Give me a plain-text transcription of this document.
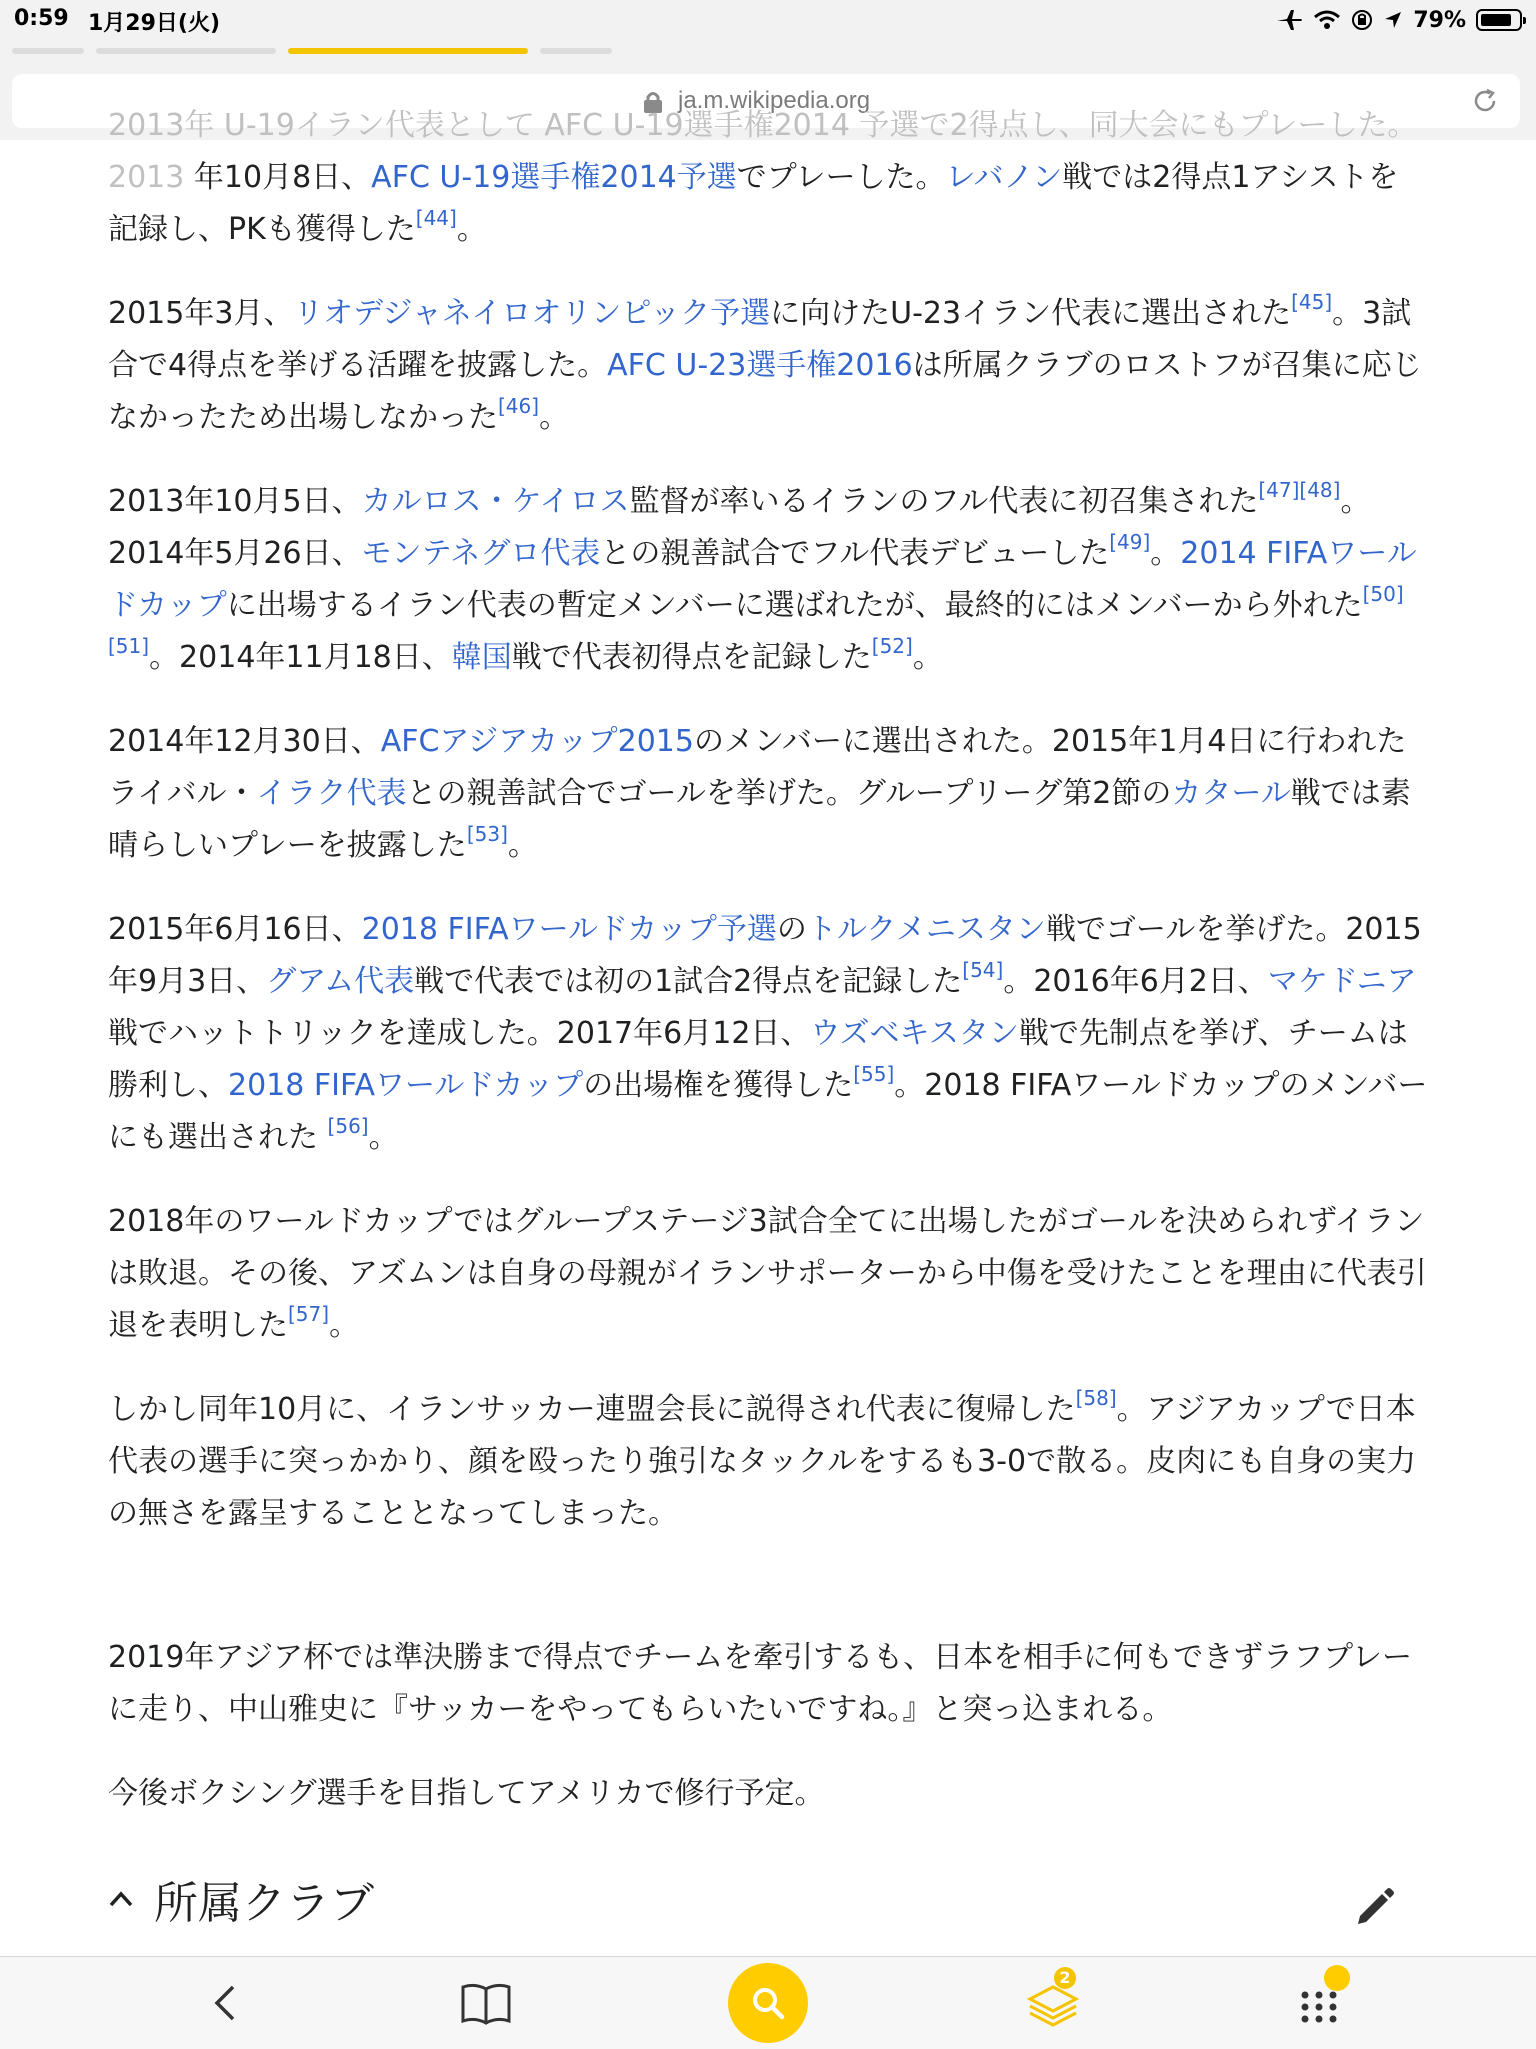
0:59 1月29日(火)	79%
ja.m.wikipedia.org

2013年 U-19イラン代表として AFC U-19選手権2014 予選で2得点し、同大会にもプレーした。2013 年10月8日、AFC U-19選手権2014予選でプレーした。レバノン戦では2得点1アシストを記録し、PKも獲得した[44]。

2015年3月、リオデジャネイロオリンピック予選に向けたU-23イラン代表に選出された[45]。3試合で4得点を挙げる活躍を披露した。AFC U-23選手権2016は所属クラブのロストフが召集に応じなかったため出場しなかった[46]。

2013年10月5日、カルロス・ケイロス監督が率いるイランのフル代表に初召集された[47][48]。2014年5月26日、モンテネグロ代表との親善試合でフル代表デビューした[49]。2014 FIFAワールドカップに出場するイラン代表の暫定メンバーに選ばれたが、最終的にはメンバーから外れた[50][51]。2014年11月18日、韓国戦で代表初得点を記録した[52]。

2014年12月30日、AFCアジアカップ2015のメンバーに選出された。2015年1月4日に行われたライバル・イラク代表との親善試合でゴールを挙げた。グループリーグ第2節のカタール戦では素晴らしいプレーを披露した[53]。

2015年6月16日、2018 FIFAワールドカップ予選のトルクメニスタン戦でゴールを挙げた。2015年9月3日、グアム代表戦で代表では初の1試合2得点を記録した[54]。2016年6月2日、マケドニア戦でハットトリックを達成した。2017年6月12日、ウズベキスタン戦で先制点を挙げ、チームは勝利し、2018 FIFAワールドカップの出場権を獲得した[55]。2018 FIFAワールドカップのメンバーにも選出された [56]。

2018年のワールドカップではグループステージ3試合全てに出場したがゴールを決められずイランは敗退。その後、アズムンは自身の母親がイランサポーターから中傷を受けたことを理由に代表引退を表明した[57]。

しかし同年10月に、イランサッカー連盟会長に説得され代表に復帰した[58]。アジアカップで日本代表の選手に突っかかり、顔を殴ったり強引なタックルをするも3-0で散る。皮肉にも自身の実力の無さを露呈することとなってしまった。

2019年アジア杯では準決勝まで得点でチームを牽引するも、日本を相手に何もできずラフプレーに走り、中山雅史に『サッカーをやってもらいたいですね。』と突っ込まれる。

今後ボクシング選手を目指してアメリカで修行予定。

所属クラブ
2
